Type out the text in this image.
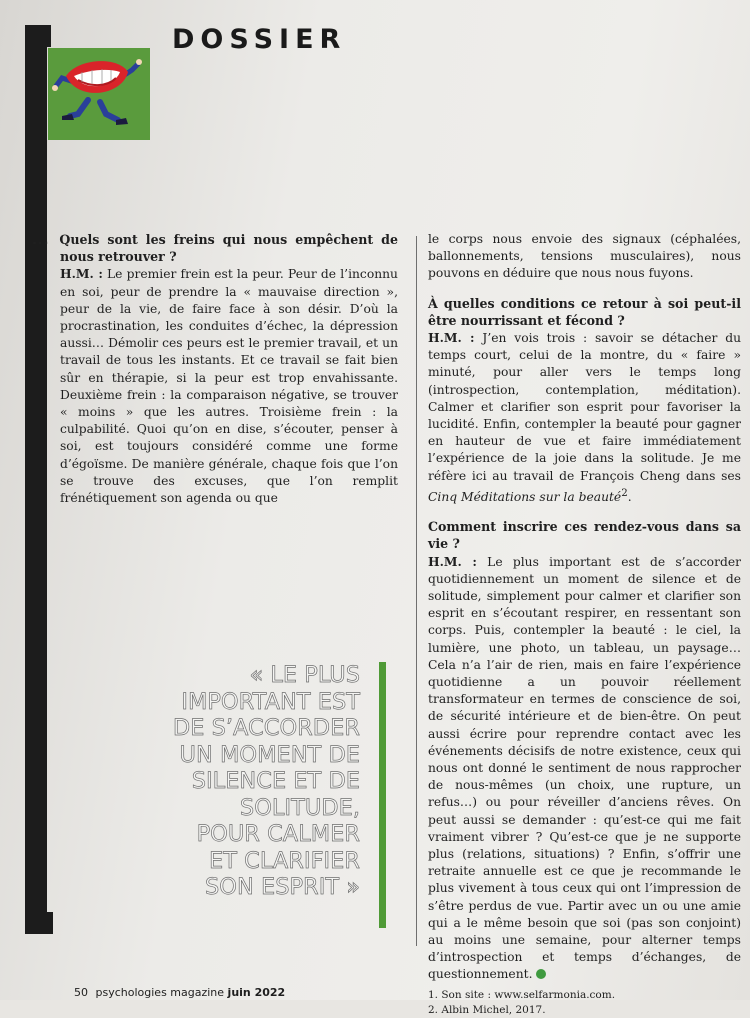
DOSSIER

... Quels sont les freins qui nous empêchent de nous retrouver ?

H.M. : Le premier frein est la peur. Peur de l’inconnu en soi, peur de prendre la « mauvaise direction », peur de la vie, de faire face à son désir. D’où la procrastination, les conduites d’échec, la dépression aussi… Démolir ces peurs est le premier travail, et un travail de tous les instants. Et ce travail se fait bien sûr en thérapie, si la peur est trop envahissante. Deuxième frein : la comparaison négative, se trouver « moins » que les autres. Troisième frein : la culpabilité. Quoi qu’on en dise, s’écouter, penser à soi, est toujours considéré comme une forme d’égoïsme. De manière générale, chaque fois que l’on se trouve des excuses, que l’on remplit frénétiquement son agenda ou que

le corps nous envoie des signaux (céphalées, ballonnements, tensions musculaires), nous pouvons en déduire que nous nous fuyons.

À quelles conditions ce retour à soi peut-il être nourrissant et fécond ?

H.M. : J’en vois trois : savoir se détacher du temps court, celui de la montre, du « faire » minuté, pour aller vers le temps long (introspection, contemplation, méditation). Calmer et clarifier son esprit pour favoriser la lucidité. Enfin, contempler la beauté pour gagner en hauteur de vue et faire immédiatement l’expérience de la joie dans la solitude. Je me réfère ici au travail de François Cheng dans ses Cinq Méditations sur la beauté$^2$.

Comment inscrire ces rendez-vous dans sa vie ?

H.M. : Le plus important est de s’accorder quotidiennement un moment de silence et de solitude, simplement pour calmer et clarifier son esprit en s’écoutant respirer, en ressentant son corps. Puis, contempler la beauté : le ciel, la lumière, une photo, un tableau, un paysage… Cela n’a l’air de rien, mais en faire l’expérience quotidienne a un pouvoir réellement transformateur en termes de conscience de soi, de sécurité intérieure et de bien-être. On peut aussi écrire pour reprendre contact avec les événements décisifs de notre existence, ceux qui nous ont donné le sentiment de nous rapprocher de nous-mêmes (un choix, une rupture, un refus…) ou pour réveiller d’anciens rêves. On peut aussi se demander : qu’est-ce qui me fait vraiment vibrer ? Qu’est-ce que je ne supporte plus (relations, situations) ? Enfin, s’offrir une retraite annuelle est ce que je recommande le plus vivement à tous ceux qui ont l’impression de s’être perdus de vue. Partir avec un ou une amie qui a le même besoin que soi (pas son conjoint) au moins une semaine, pour alterner temps d’introspection et temps d’échanges, de questionnement.

1. Son site : www.selfarmonia.com.
2. Albin Michel, 2017.
« LE PLUS IMPORTANT EST DE S’ACCORDER UN MOMENT DE SILENCE ET DE SOLITUDE, POUR CALMER ET CLARIFIER SON ESPRIT »
50 psychologies magazine juin 2022
